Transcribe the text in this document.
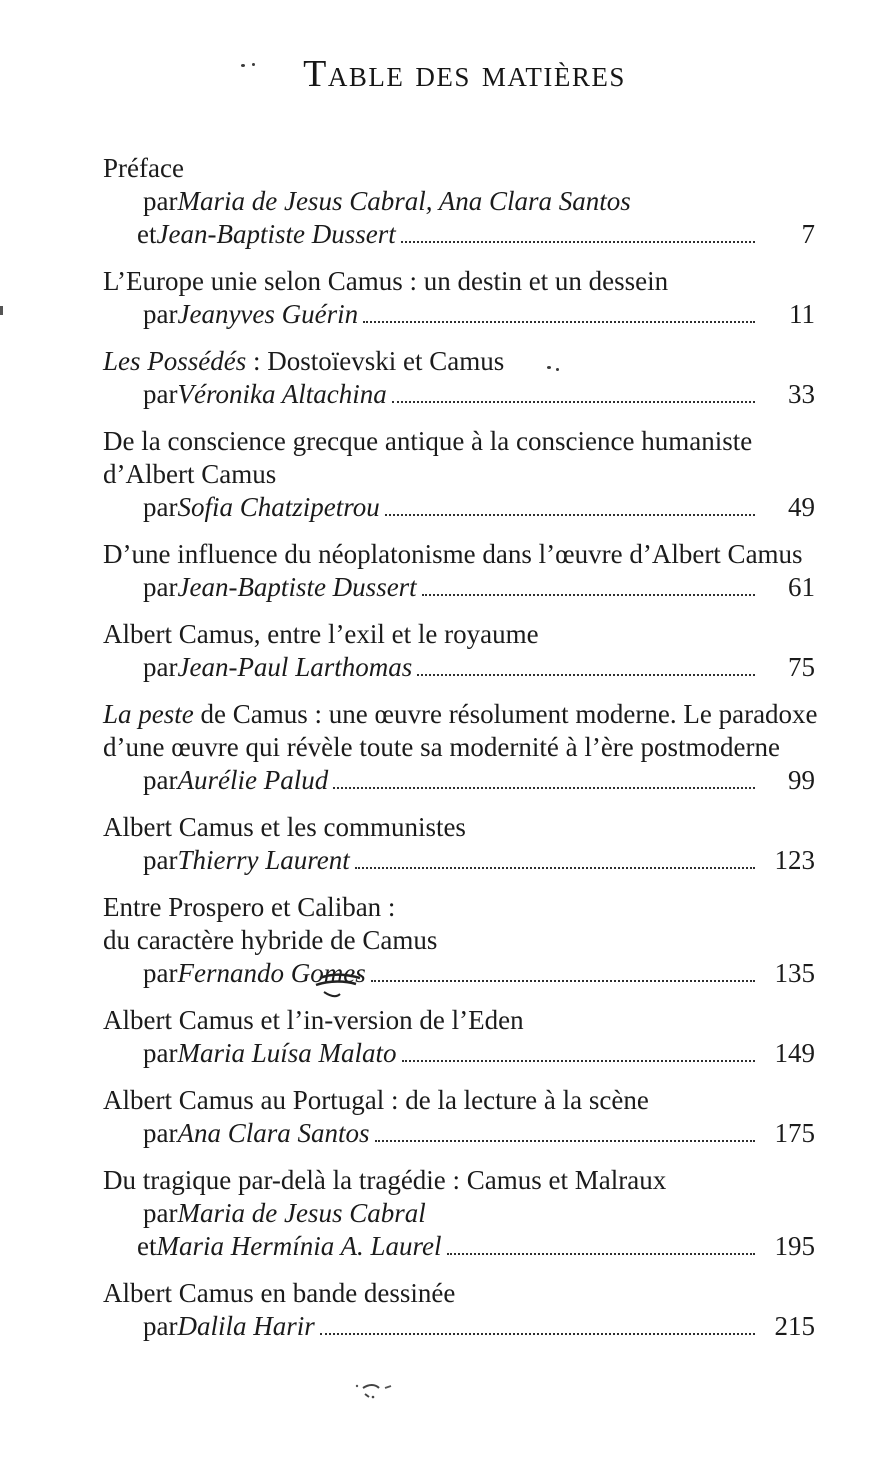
Table des matières
Préface
par Maria de Jesus Cabral, Ana Clara Santos
et Jean-Baptiste Dussert	7
L’Europe unie selon Camus : un destin et un dessein
par Jeanyves Guérin	11
Les Possédés : Dostoïevski et Camus
par Véronika Altachina	33
De la conscience grecque antique à la conscience humaniste
d’Albert Camus
par Sofia Chatzipetrou	49
D’une influence du néoplatonisme dans l’œuvre d’Albert Camus
par Jean-Baptiste Dussert	61
Albert Camus, entre l’exil et le royaume
par Jean-Paul Larthomas	75
La peste de Camus : une œuvre résolument moderne. Le paradoxe
d’une œuvre qui révèle toute sa modernité à l’ère postmoderne
par Aurélie Palud	99
Albert Camus et les communistes
par Thierry Laurent	123
Entre Prospero et Caliban :
du caractère hybride de Camus
par Fernando Gomes	135
Albert Camus et l’in-version de l’Eden
par Maria Luísa Malato	149
Albert Camus au Portugal : de la lecture à la scène
par Ana Clara Santos	175
Du tragique par-delà la tragédie : Camus et Malraux
par Maria de Jesus Cabral
et Maria Hermínia A. Laurel	195
Albert Camus en bande dessinée
par Dalila Harir	215
